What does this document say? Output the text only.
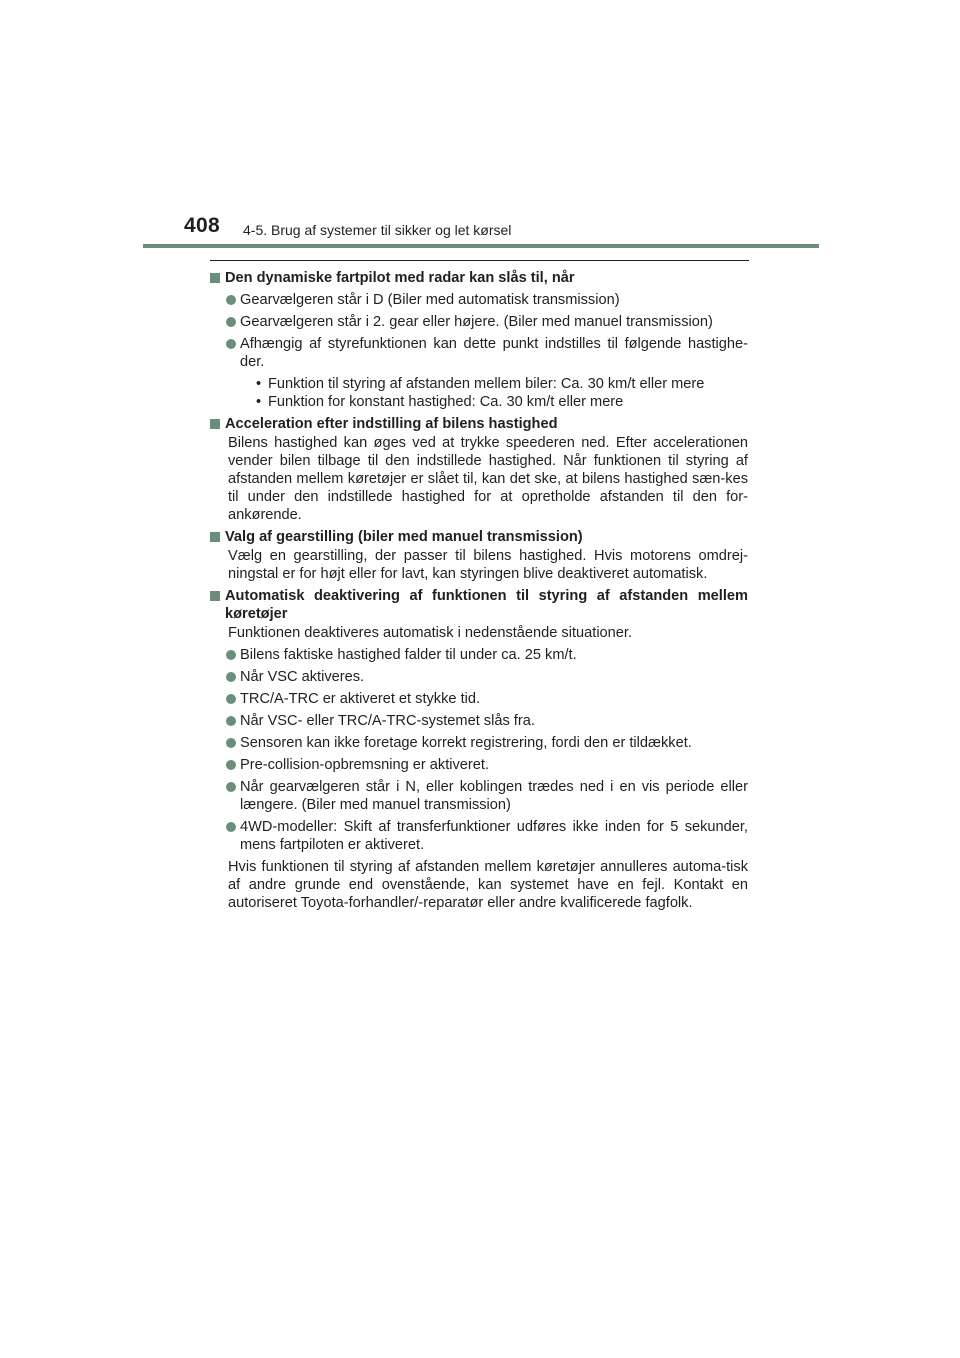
408 4-5. Brug af systemer til sikker og let kørsel
Den dynamiske fartpilot med radar kan slås til, når
Gearvælgeren står i D (Biler med automatisk transmission)
Gearvælgeren står i 2. gear eller højere. (Biler med manuel transmission)
Afhængig af styrefunktionen kan dette punkt indstilles til følgende hastighe-der.
• Funktion til styring af afstanden mellem biler: Ca. 30 km/t eller mere
• Funktion for konstant hastighed: Ca. 30 km/t eller mere
Acceleration efter indstilling af bilens hastighed
Bilens hastighed kan øges ved at trykke speederen ned. Efter accelerationen vender bilen tilbage til den indstillede hastighed. Når funktionen til styring af afstanden mellem køretøjer er slået til, kan det ske, at bilens hastighed sæn-kes til under den indstillede hastighed for at opretholde afstanden til den for-ankørende.
Valg af gearstilling (biler med manuel transmission)
Vælg en gearstilling, der passer til bilens hastighed. Hvis motorens omdrej-ningstal er for højt eller for lavt, kan styringen blive deaktiveret automatisk.
Automatisk deaktivering af funktionen til styring af afstanden mellem køretøjer
Funktionen deaktiveres automatisk i nedenstående situationer.
Bilens faktiske hastighed falder til under ca. 25 km/t.
Når VSC aktiveres.
TRC/A-TRC er aktiveret et stykke tid.
Når VSC- eller TRC/A-TRC-systemet slås fra.
Sensoren kan ikke foretage korrekt registrering, fordi den er tildækket.
Pre-collision-opbremsning er aktiveret.
Når gearvælgeren står i N, eller koblingen trædes ned i en vis periode eller længere. (Biler med manuel transmission)
4WD-modeller: Skift af transferfunktioner udføres ikke inden for 5 sekunder, mens fartpiloten er aktiveret.
Hvis funktionen til styring af afstanden mellem køretøjer annulleres automa-tisk af andre grunde end ovenstående, kan systemet have en fejl. Kontakt en autoriseret Toyota-forhandler/-reparatør eller andre kvalificerede fagfolk.
